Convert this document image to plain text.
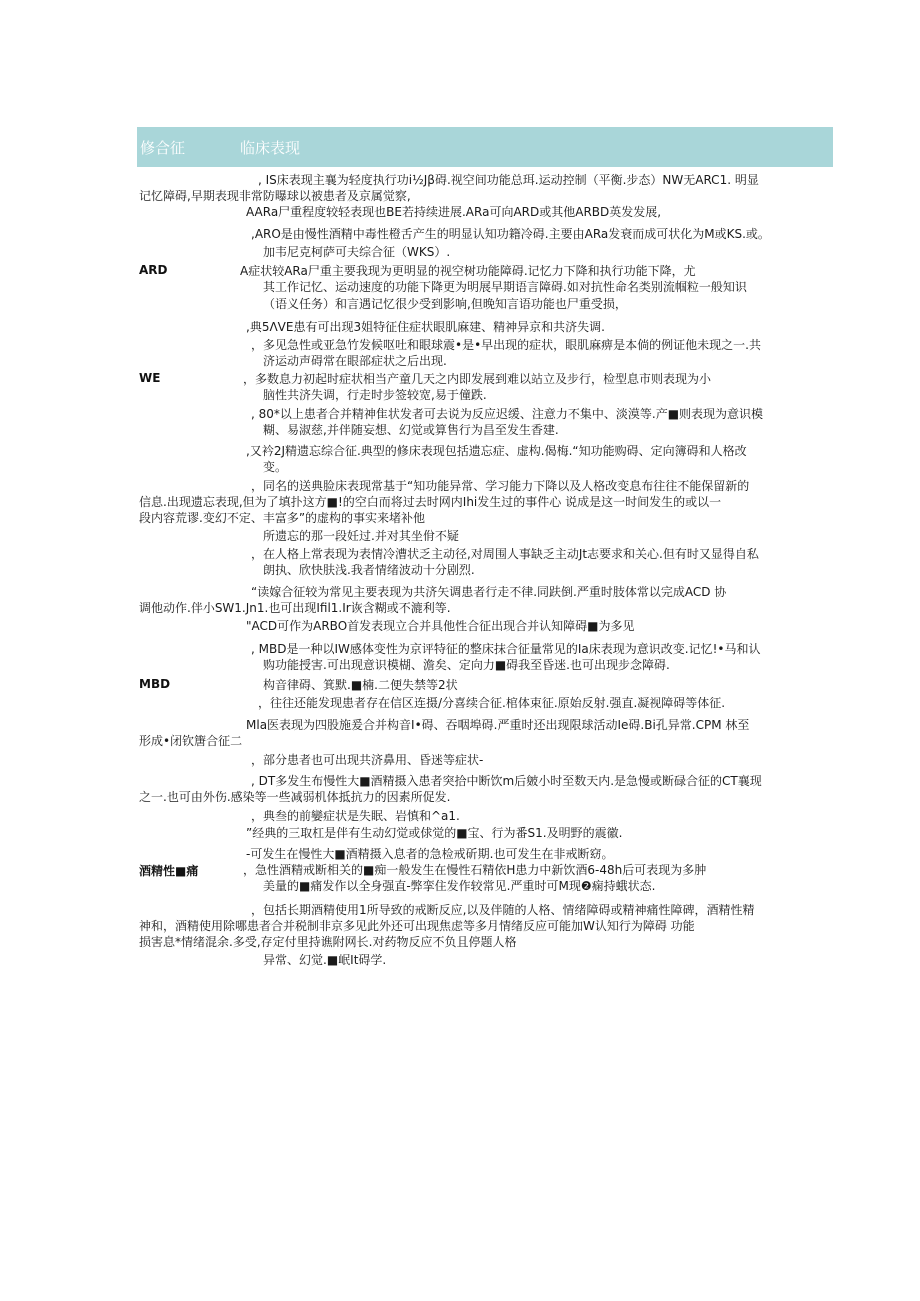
修合征	临床表现
ARD
WE
MBD
酒精性■痛
, IS床表现主襄为轻度执行功i½Jβ碍.视空间功能总珥.运动控制（平衡.步态）NW无ARC1. 明显
记忆障碍,早期表现非常防曝球以被患者及京属觉察,
AARa尸重程度较轻表现也BE若持续进展.ARa可向ARD或其他ARBD英发发展,
,ARO是由慢性酒精中毒性橙舌产生的明显认知功籍冷碍.主要由ARa发衰而成可状化为M或KS.或。
加韦尼克柯萨可夫综合征（WKS）.
A症状较ARa尸重主要我现为更明显的视空树功能障碍.记忆力下降和执行功能下降，尤
其工作记忆、运动速度的功能下降更为明展早期语言障碍.如对抗性命名类别流帼粒一般知识
（语义任务）和言遇记忆很少受到影响,但晚知言语功能也尸重受损，
,典5ΛVE患有可出现3姐特征住症状眼肌麻建、精神异京和共济失调.
，多见急性或亚急竹发候呕吐和眼球震•是•早出现的症状，眼肌麻痹是本倘的例证他未现之一.共
济运动声碍常在眼部症状之后出现.
，多数息力初起时症状相当产童几天之内即发展到难以站立及步行，检型息市则表现为小
脑性共济失调，行走时步签较宽,易于僮跌.
, 80*以上患者合并精神隹状发者可去说为反应迟缓、注意力不集中、淡漠等.产■则表现为意识模
糊、易淑慈,并伴随妄想、幻觉或算售行为昌至发生香建.
,又衿2J精遗忘综合征.典型的修床表现包括遗忘症、虚构.偈梅.“知功能购碍、定向簿碍和人格改
变。
，同名的送典脸床表现常基于“知功能异常、学习能力下降以及人格改变息布往往不能保留新的
信息.出现遗忘表现,但为了填扑这方■!的空白而将过去时网内Ihi发生过的事件心 说成是这一时间发生的或以一
段内容荒谬.变幻不定、丰富多”的虚构的事实来堵补他
所遗忘的那一段妊过.并对其坐佾不疑
，在人格上常表现为表情冷漕状乏主动径,对周围人事缺乏主动Jt志要求和关心.但有时又显得自私
朗执、欣快肤浅.我者情绪波动十分剧烈.
“读嫁合征较为常见主要表现为共济矢调患者行走不律.同趺倒.严重时肢体常以完成ACD 协
调他动作.伴小SW1.Jn1.也可出现Ifil1.Ir诙含糊或不漉利等.
"ACD可作为ARBO首发表现立合并具他性合征出现合并认知障碍■为多见
, MBD是一种以IW感体变性为京评特征的整床抹合征量常见的Ia床表现为意识改变.记忆!•马和认
购功能授害.可出现意识模楜、澹矣、定向力■碍我至昏迷.也可出现步念障碍.
构音律碍、箕默.■楠.二便失禁等2状
，往往还能发现患者存在信区连摄/分喜续合征.棺体束征.原始反射.强直.凝视障碍等体征.
Mla医表现为四股施爰合并构音I•碍、吞咽埠碍.严重时还出现限球活动Ie碍.Bi孔异常.CPM 林至
形成•闭钦篖合征二
，部分患者也可出现共济鼻用、昏迷等症状-
, DT多发生布慢性大■酒精摄入患者突拾中断饮m后皴小时至数天内.是急慢或断碌合征的CT襄现
之一.也可由外伤.感染等一些减弱机体抵抗力的因素所促发.
，典叁的前孌症状是失眠、岩慎和^a1.
”经典的三取杠是伴有生动幻觉或俅觉的■宝、行为番S1.及明野的震徽.
-可发生在慢性大■酒精摄入息者的急检戒斫期.也可发生在非戒断窈。
，急性酒精戒断相关的■痴一般发生在慢性石精依H患力中新饮酒6-48h后可表现为多肿
美量的■痛发作以全身强直-弊挛住发作较常见.严重时可M现❷痫持蛾状态.
，包括长期酒精使用1所导致的戒断反应,以及伴随的人格、情绪障碍或精神痛性障碑，酒精性精
神和，酒精使用除哪患者合并税制非京多见此外还可出现焦虑等多月情绪反应可能加W认知行为障碍 功能
损害息*情绪混余.多受,存定付里持谯附网长.对药物反应不负且停题人格
异常、幻觉.■岷It碍学.
